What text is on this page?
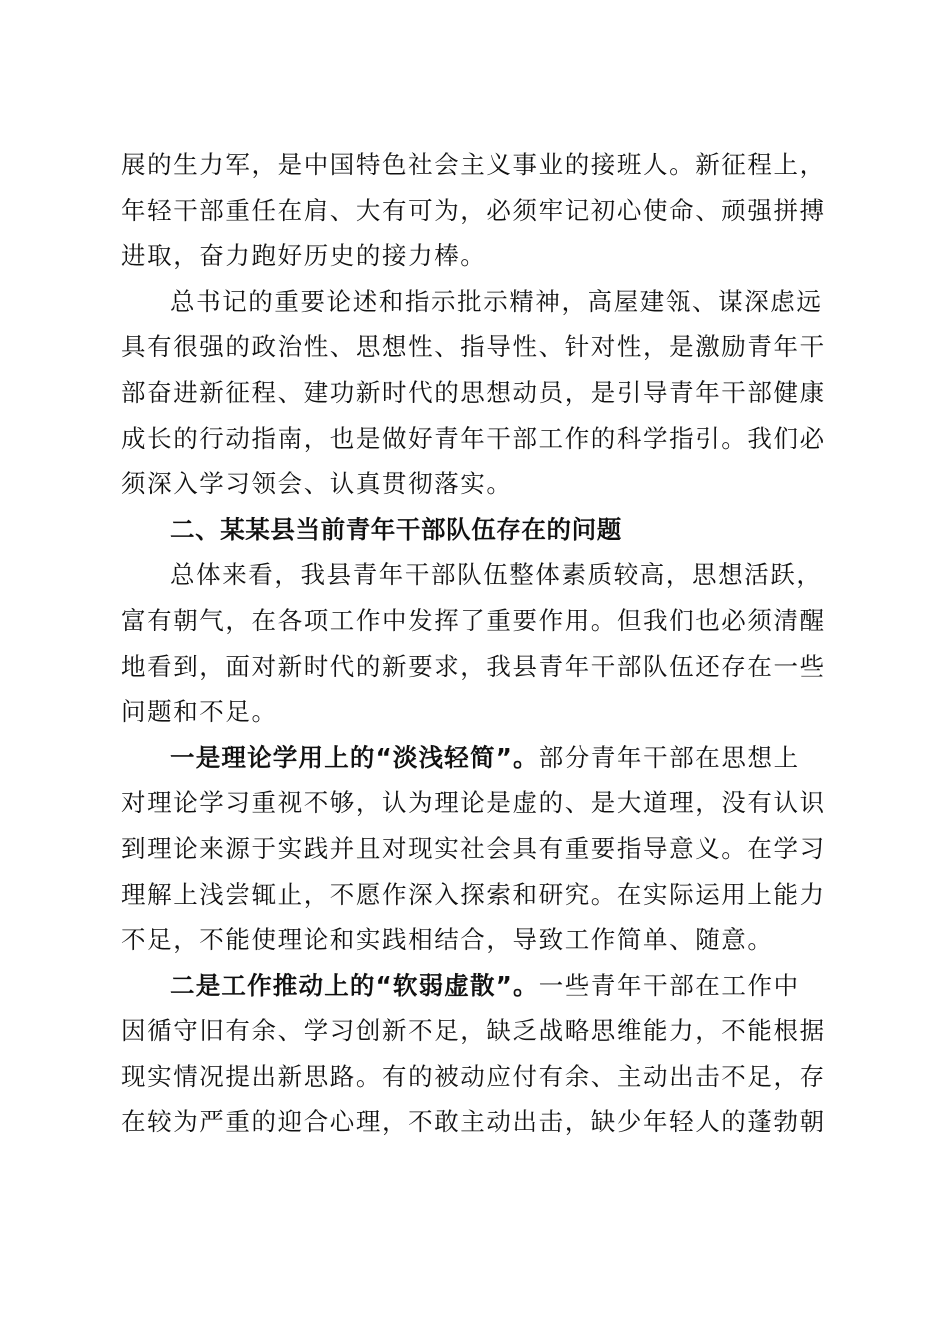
展的生力军，是中国特色社会主义事业的接班人。新征程上，
年轻干部重任在肩、大有可为，必须牢记初心使命、顽强拼搏
进取，奋力跑好历史的接力棒。
总书记的重要论述和指示批示精神，高屋建瓴、谋深虑远
具有很强的政治性、思想性、指导性、针对性，是激励青年干
部奋进新征程、建功新时代的思想动员，是引导青年干部健康
成长的行动指南，也是做好青年干部工作的科学指引。我们必
须深入学习领会、认真贯彻落实。
二、某某县当前青年干部队伍存在的问题
总体来看，我县青年干部队伍整体素质较高，思想活跃，
富有朝气，在各项工作中发挥了重要作用。但我们也必须清醒
地看到，面对新时代的新要求，我县青年干部队伍还存在一些
问题和不足。
一是理论学用上的“淡浅轻简”。部分青年干部在思想上
对理论学习重视不够，认为理论是虚的、是大道理，没有认识
到理论来源于实践并且对现实社会具有重要指导意义。在学习
理解上浅尝辄止，不愿作深入探索和研究。在实际运用上能力
不足，不能使理论和实践相结合，导致工作简单、随意。
二是工作推动上的“软弱虚散”。一些青年干部在工作中
因循守旧有余、学习创新不足，缺乏战略思维能力，不能根据
现实情况提出新思路。有的被动应付有余、主动出击不足，存
在较为严重的迎合心理，不敢主动出击，缺少年轻人的蓬勃朝
